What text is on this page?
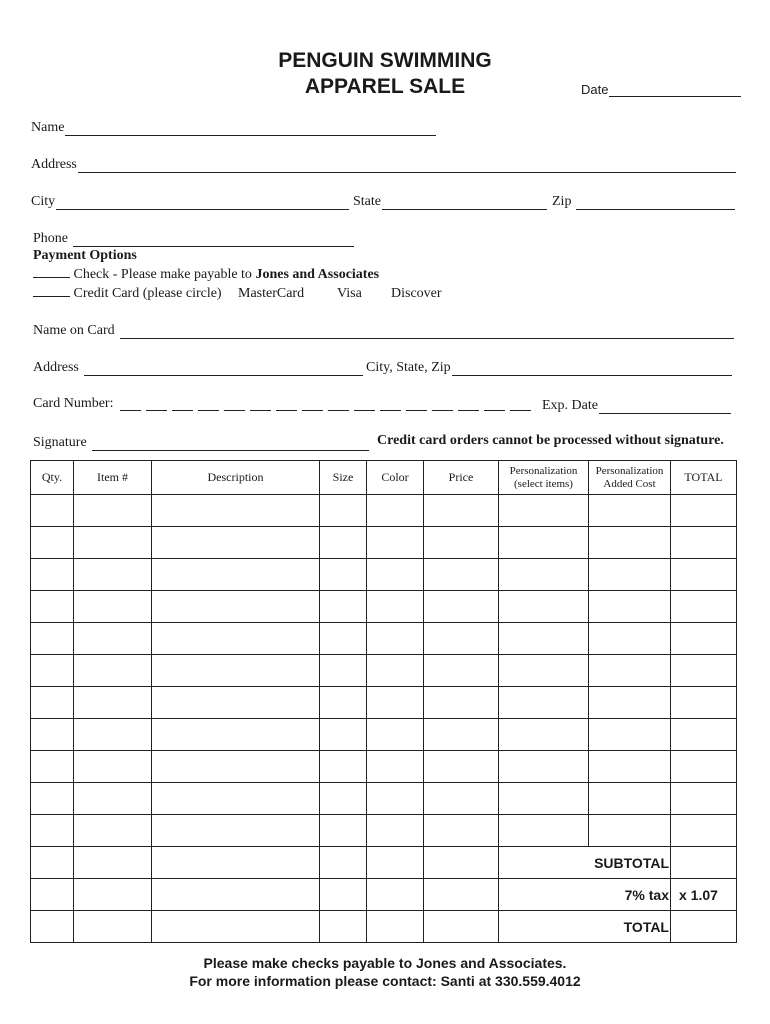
PENGUIN SWIMMING
APPAREL SALE	Date
Name
Address
City	State	Zip
Phone
Payment Options
Check - Please make payable to Jones and Associates
Credit Card (please circle) MasterCard Visa Discover
Name on Card
Address	City, State, Zip
Card Number:	Exp. Date
Signature	Credit card orders cannot be processed without signature.
Qty.	Item #	Description	Size	Color	Price	Personalization (select items)	Personalization Added Cost	TOTAL

						SUBTOTAL		
						7% tax		x 1.07
						TOTAL		
Please make checks payable to Jones and Associates.
For more information please contact: Santi at 330.559.4012
